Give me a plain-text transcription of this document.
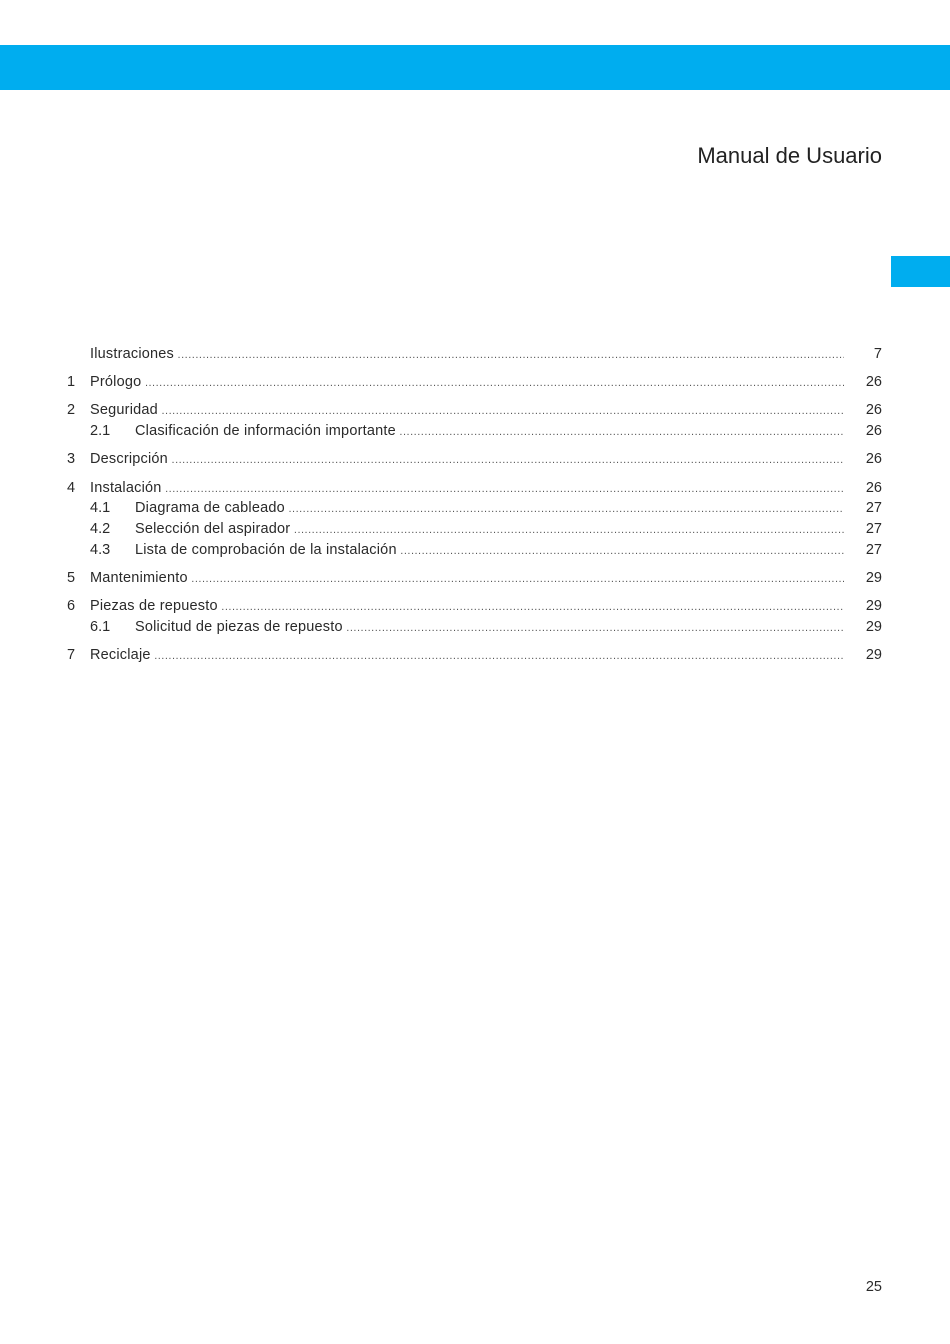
Manual de Usuario
Ilustraciones .....	7
1 Prólogo .....	26
2 Seguridad .....	26
2.1 Clasificación de información importante .....	26
3 Descripción .....	26
4 Instalación .....	26
4.1 Diagrama de cableado .....	27
4.2 Selección del aspirador .....	27
4.3 Lista de comprobación de la instalación .....	27
5 Mantenimiento .....	29
6 Piezas de repuesto .....	29
6.1 Solicitud de piezas de repuesto .....	29
7 Reciclaje .....	29
25
